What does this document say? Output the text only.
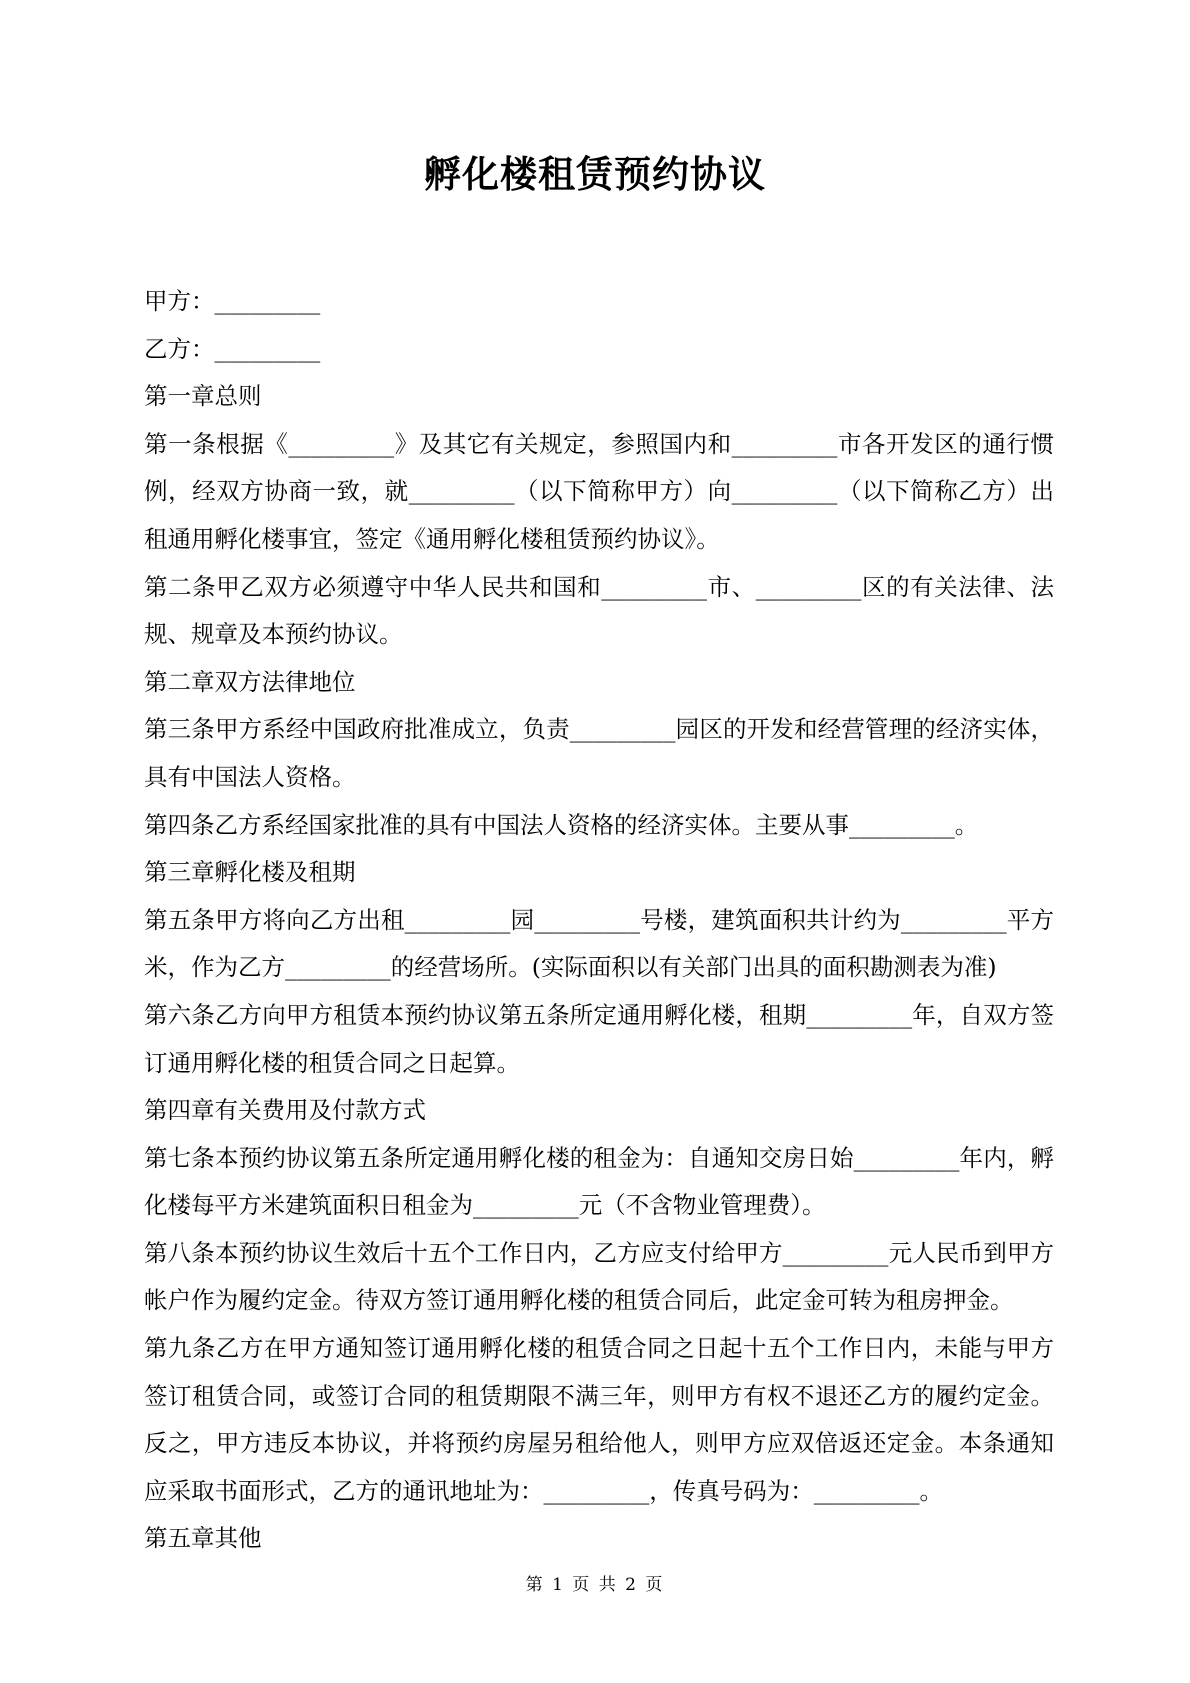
孵化楼租赁预约协议

甲方：_________

乙方：_________

第一章总则

第一条根据《_________》及其它有关规定，参照国内和_________市各开发区的通行惯例，经双方协商一致，就_________（以下简称甲方）向_________（以下简称乙方）出租通用孵化楼事宜，签定《通用孵化楼租赁预约协议》。

第二条甲乙双方必须遵守中华人民共和国和_________市、_________区的有关法律、法规、规章及本预约协议。

第二章双方法律地位

第三条甲方系经中国政府批准成立，负责_________园区的开发和经营管理的经济实体，具有中国法人资格。

第四条乙方系经国家批准的具有中国法人资格的经济实体。主要从事_________。

第三章孵化楼及租期

第五条甲方将向乙方出租_________园_________号楼，建筑面积共计约为_________平方米，作为乙方_________的经营场所。(实际面积以有关部门出具的面积勘测表为准)

第六条乙方向甲方租赁本预约协议第五条所定通用孵化楼，租期_________年，自双方签订通用孵化楼的租赁合同之日起算。

第四章有关费用及付款方式

第七条本预约协议第五条所定通用孵化楼的租金为：自通知交房日始_________年内，孵化楼每平方米建筑面积日租金为_________元（不含物业管理费）。

第八条本预约协议生效后十五个工作日内，乙方应支付给甲方_________元人民币到甲方帐户作为履约定金。待双方签订通用孵化楼的租赁合同后，此定金可转为租房押金。

第九条乙方在甲方通知签订通用孵化楼的租赁合同之日起十五个工作日内，未能与甲方签订租赁合同，或签订合同的租赁期限不满三年，则甲方有权不退还乙方的履约定金。反之，甲方违反本协议，并将预约房屋另租给他人，则甲方应双倍返还定金。本条通知应采取书面形式，乙方的通讯地址为：_________，传真号码为：_________。

第五章其他

第 1 页 共 2 页
